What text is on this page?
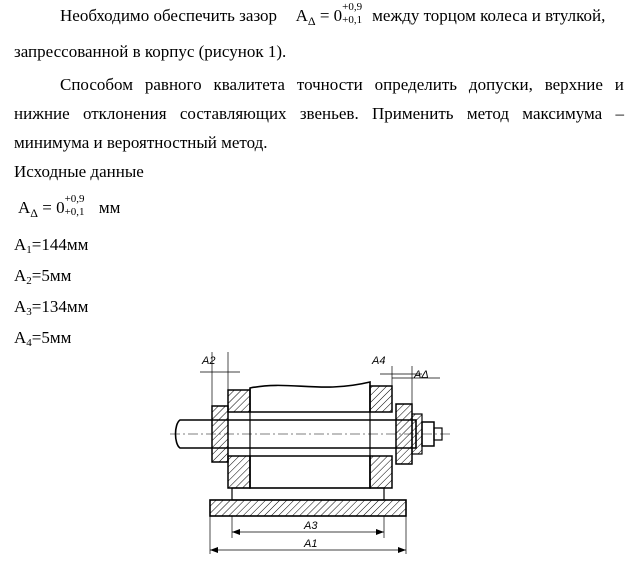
Необходимо обеспечить зазор $A_\Delta = 0 +0,9$
+0,1 между торцом колеса и втулкой,
запрессованной в корпус (рисунок 1).
Способом равного квалитета точности определить допуски, верхние и
нижние отклонения составляющих звеньев. Применить метод максимума –
минимума и вероятностный метод.
Исходные данные
$A_\Delta = 0 +0,9$
+0,1 мм
$A_1=144мм$
$A_2=5мм$
$A_3=134мм$
$A_4=5мм$
A2	A4
AΔ
A3
A1
